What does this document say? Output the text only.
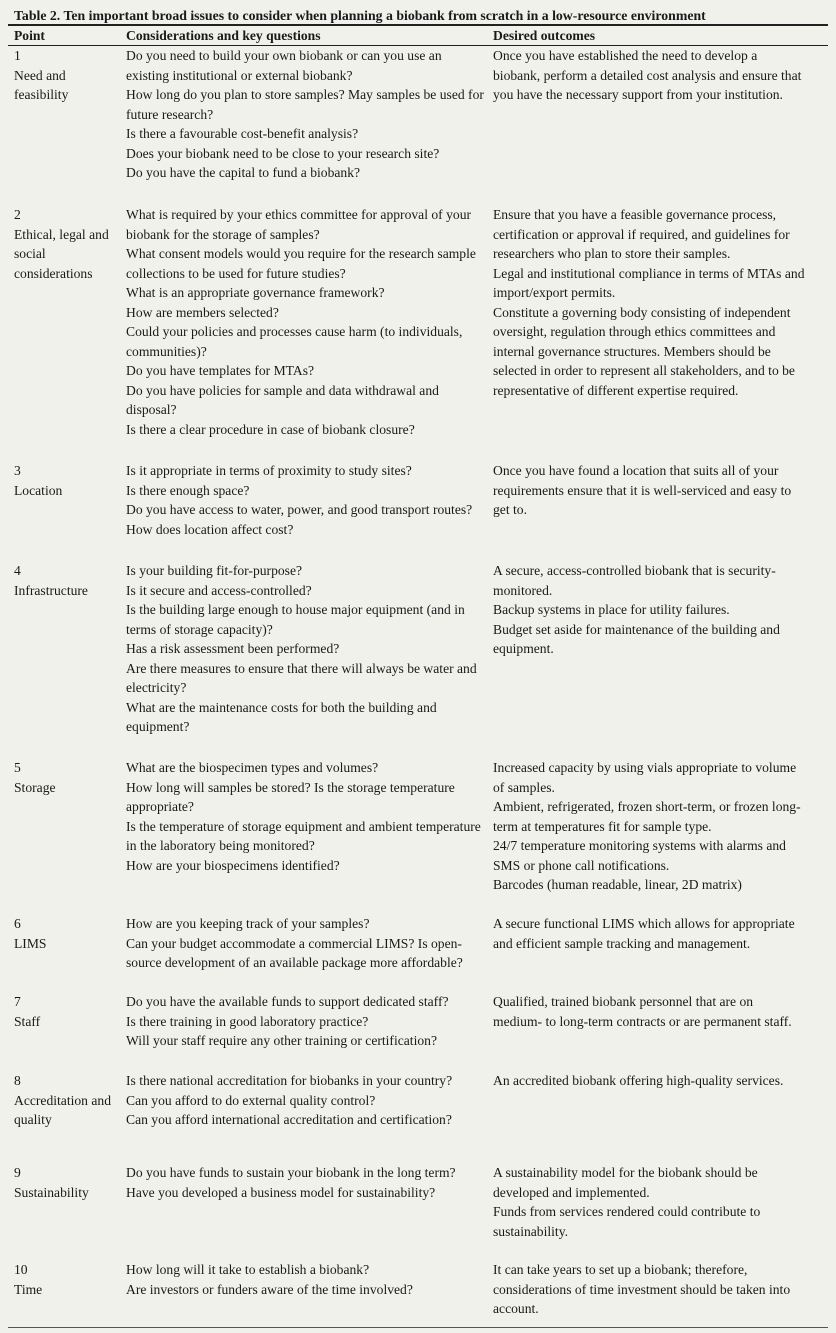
Table 2. Ten important broad issues to consider when planning a biobank from scratch in a low-resource environment
Point	Considerations and key questions	Desired outcomes
1
Need and feasibility
Do you need to build your own biobank or can you use an existing institutional or external biobank?
How long do you plan to store samples? May samples be used for future research?
Is there a favourable cost-benefit analysis?
Does your biobank need to be close to your research site?
Do you have the capital to fund a biobank?
Once you have established the need to develop a biobank, perform a detailed cost analysis and ensure that you have the necessary support from your institution.
2
Ethical, legal and social considerations
What is required by your ethics committee for approval of your biobank for the storage of samples?
What consent models would you require for the research sample collections to be used for future studies?
What is an appropriate governance framework?
How are members selected?
Could your policies and processes cause harm (to individuals, communities)?
Do you have templates for MTAs?
Do you have policies for sample and data withdrawal and disposal?
Is there a clear procedure in case of biobank closure?
Ensure that you have a feasible governance process, certification or approval if required, and guidelines for researchers who plan to store their samples.
Legal and institutional compliance in terms of MTAs and import/export permits.
Constitute a governing body consisting of independent oversight, regulation through ethics committees and internal governance structures. Members should be selected in order to represent all stakeholders, and to be representative of different expertise required.
3
Location
Is it appropriate in terms of proximity to study sites?
Is there enough space?
Do you have access to water, power, and good transport routes?
How does location affect cost?
Once you have found a location that suits all of your requirements ensure that it is well-serviced and easy to get to.
4
Infrastructure
Is your building fit-for-purpose?
Is it secure and access-controlled?
Is the building large enough to house major equipment (and in terms of storage capacity)?
Has a risk assessment been performed?
Are there measures to ensure that there will always be water and electricity?
What are the maintenance costs for both the building and equipment?
A secure, access-controlled biobank that is security-monitored.
Backup systems in place for utility failures.
Budget set aside for maintenance of the building and equipment.
5
Storage
What are the biospecimen types and volumes?
How long will samples be stored? Is the storage temperature appropriate?
Is the temperature of storage equipment and ambient temperature in the laboratory being monitored?
How are your biospecimens identified?
Increased capacity by using vials appropriate to volume of samples.
Ambient, refrigerated, frozen short-term, or frozen long-term at temperatures fit for sample type.
24/7 temperature monitoring systems with alarms and SMS or phone call notifications.
Barcodes (human readable, linear, 2D matrix)
6
LIMS
How are you keeping track of your samples?
Can your budget accommodate a commercial LIMS? Is open-source development of an available package more affordable?
A secure functional LIMS which allows for appropriate and efficient sample tracking and management.
7
Staff
Do you have the available funds to support dedicated staff?
Is there training in good laboratory practice?
Will your staff require any other training or certification?
Qualified, trained biobank personnel that are on medium- to long-term contracts or are permanent staff.
8
Accreditation and quality
Is there national accreditation for biobanks in your country?
Can you afford to do external quality control?
Can you afford international accreditation and certification?
An accredited biobank offering high-quality services.
9
Sustainability
Do you have funds to sustain your biobank in the long term?
Have you developed a business model for sustainability?
A sustainability model for the biobank should be developed and implemented.
Funds from services rendered could contribute to sustainability.
10
Time
How long will it take to establish a biobank?
Are investors or funders aware of the time involved?
It can take years to set up a biobank; therefore, considerations of time investment should be taken into account.
